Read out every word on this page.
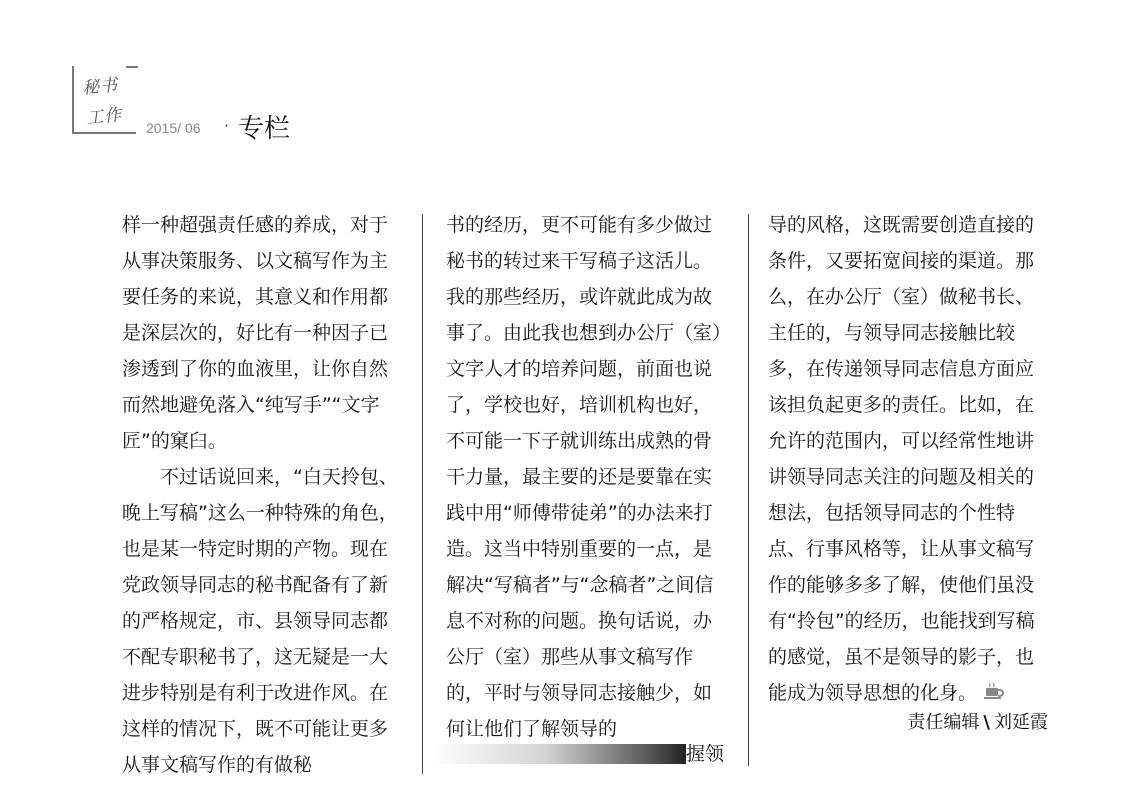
秘书
工作 2015/ 06 · 专栏

样一种超强责任感的养成，对于从事决策服务、以文稿写作为主要任务的来说，其意义和作用都是深层次的，好比有一种因子已渗透到了你的血液里，让你自然而然地避免落入“纯写手”“文字匠”的窠臼。

不过话说回来，“白天拎包、晚上写稿”这么一种特殊的角色，也是某一特定时期的产物。现在党政领导同志的秘书配备有了新的严格规定，市、县领导同志都不配专职秘书了，这无疑是一大进步特别是有利于改进作风。在这样的情况下，既不可能让更多从事文稿写作的有做秘

书的经历，更不可能有多少做过秘书的转过来干写稿子这活儿。我的那些经历，或许就此成为故事了。由此我也想到办公厅（室）文字人才的培养问题，前面也说了，学校也好，培训机构也好，不可能一下子就训练出成熟的骨干力量，最主要的还是要靠在实践中用“师傅带徒弟”的办法来打造。这当中特别重要的一点，是解决“写稿者”与“念稿者”之间信息不对称的问题。换句话说，办公厅（室）那些从事文稿写作的，平时与领导同志接触少，如何让他们了解领导的

握领

导的风格，这既需要创造直接的条件，又要拓宽间接的渠道。那么，在办公厅（室）做秘书长、主任的，与领导同志接触比较多，在传递领导同志信息方面应该担负起更多的责任。比如，在允许的范围内，可以经常性地讲讲领导同志关注的问题及相关的想法，包括领导同志的个性特点、行事风格等，让从事文稿写作的能够多多了解，使他们虽没有“拎包”的经历，也能找到写稿的感觉，虽不是领导的影子，也能成为领导思想的化身。

责任编辑 \ 刘延霞
